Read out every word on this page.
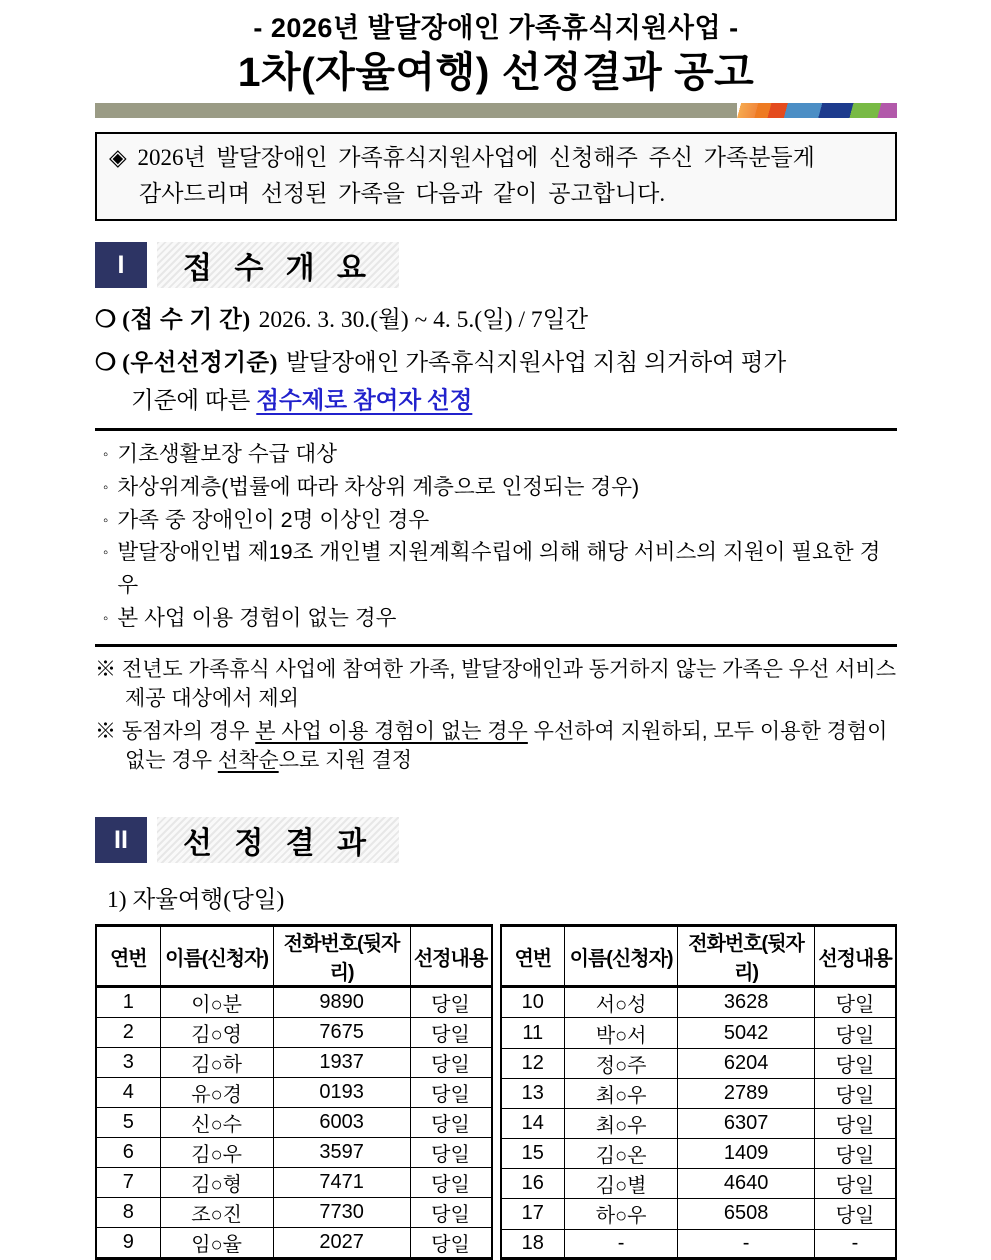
- 2026년 발달장애인 가족휴식지원사업 -
1차(자율여행) 선정결과 공고
◈ 2026년 발달장애인 가족휴식지원사업에 신청해주 주신 가족분들게
감사드리며 선정된 가족을 다음과 같이 공고합니다.
I	접 수 개 요
❍ (접 수 기 간) 2026. 3. 30.(월) ~ 4. 5.(일) / 7일간
❍ (우선선정기준) 발달장애인 가족휴식지원사업 지침 의거하여 평가
기준에 따른 점수제로 참여자 선정
◦ 기초생활보장 수급 대상
◦ 차상위계층(법률에 따라 차상위 계층으로 인정되는 경우)
◦ 가족 중 장애인이 2명 이상인 경우
◦ 발달장애인법 제19조 개인별 지원계획수립에 의해 해당 서비스의 지원이 필요한 경우
◦ 본 사업 이용 경험이 없는 경우
※ 전년도 가족휴식 사업에 참여한 가족, 발달장애인과 동거하지 않는 가족은 우선 서비스 제공 대상에서 제외
※ 동점자의 경우 본 사업 이용 경험이 없는 경우 우선하여 지원하되, 모두 이용한 경험이 없는 경우 선착순으로 지원 결정
II	선 정 결 과
1) 자율여행(당일)
연번	이름(신청자)	전화번호(뒷자리)	선정내용
1	이○분	9890	당일
2	김○영	7675	당일
3	김○하	1937	당일
4	유○경	0193	당일
5	신○수	6003	당일
6	김○우	3597	당일
7	김○형	7471	당일
8	조○진	7730	당일
9	임○율	2027	당일
연번	이름(신청자)	전화번호(뒷자리)	선정내용
10	서○성	3628	당일
11	박○서	5042	당일
12	정○주	6204	당일
13	최○우	2789	당일
14	최○우	6307	당일
15	김○온	1409	당일
16	김○별	4640	당일
17	하○우	6508	당일
18	-	-	-
